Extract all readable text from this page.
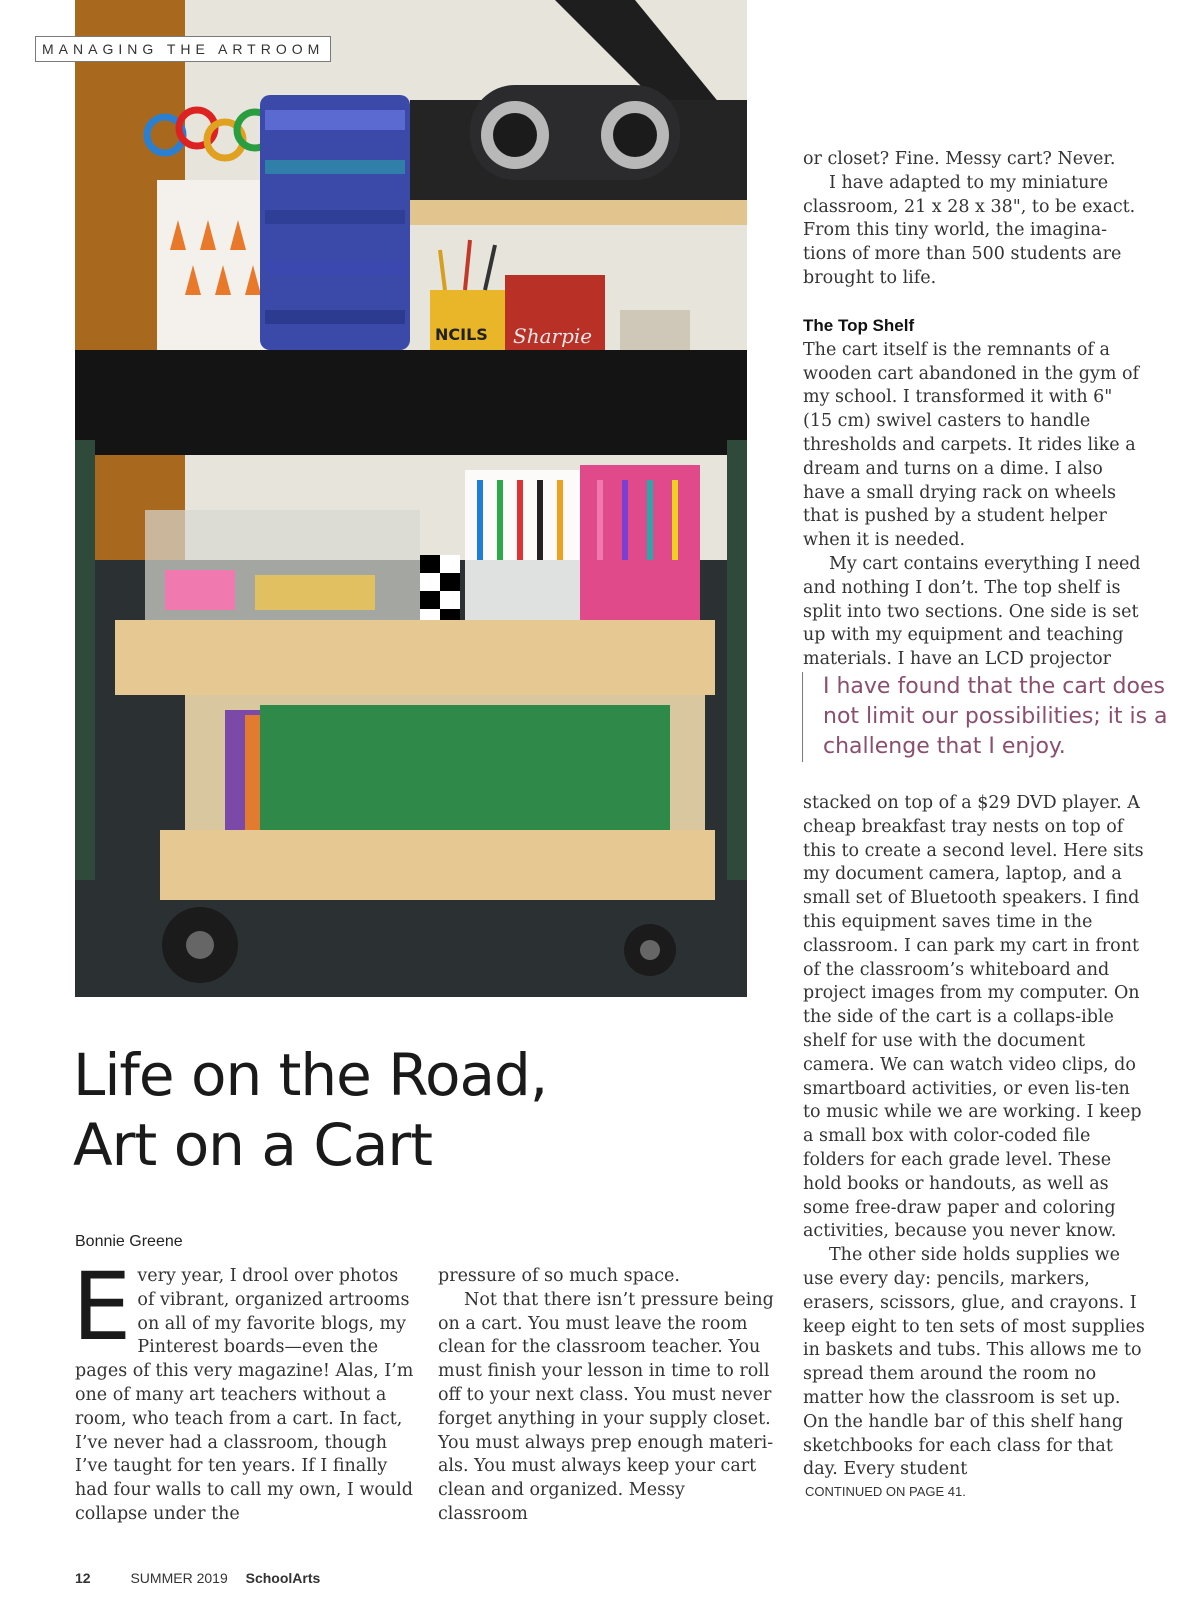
NCILS Sharpie
MANAGING THE ARTROOM
Life on the Road,
Art on a Cart
Bonnie Greene

Every year, I drool over photos of vibrant, organized artrooms on all of my favorite blogs, my Pinterest boards—even the pages of this very magazine! Alas, I’m one of many art teachers without a room, who teach from a cart. In fact, I’ve never had a classroom, though I’ve taught for ten years. If I finally had four walls to call my own, I would collapse under the

pressure of so much space.

Not that there isn’t pressure being on a cart. You must leave the room clean for the classroom teacher. You must finish your lesson in time to roll off to your next class. You must never forget anything in your supply closet. You must always prep enough materi-als. You must always keep your cart clean and organized. Messy classroom

or closet? Fine. Messy cart? Never.

I have adapted to my miniature classroom, 21 x 28 x 38", to be exact. From this tiny world, the imagina-tions of more than 500 students are brought to life.

The Top Shelf

The cart itself is the remnants of a wooden cart abandoned in the gym of my school. I transformed it with 6" (15 cm) swivel casters to handle thresholds and carpets. It rides like a dream and turns on a dime. I also have a small drying rack on wheels that is pushed by a student helper when it is needed.

My cart contains everything I need and nothing I don’t. The top shelf is split into two sections. One side is set up with my equipment and teaching materials. I have an LCD projector

I have found that the cart does not limit our possibilities; it is a challenge that I enjoy.

stacked on top of a $29 DVD player. A cheap breakfast tray nests on top of this to create a second level. Here sits my document camera, laptop, and a small set of Bluetooth speakers. I find this equipment saves time in the classroom. I can park my cart in front of the classroom’s whiteboard and project images from my computer. On the side of the cart is a collaps-ible shelf for use with the document camera. We can watch video clips, do smartboard activities, or even lis-ten to music while we are working. I keep a small box with color-coded file folders for each grade level. These hold books or handouts, as well as some free-draw paper and coloring activities, because you never know.

The other side holds supplies we use every day: pencils, markers, erasers, scissors, glue, and crayons. I keep eight to ten sets of most supplies in baskets and tubs. This allows me to spread them around the room no matter how the classroom is set up. On the handle bar of this shelf hang sketchbooks for each class for that day. Every student

CONTINUED ON PAGE 41.
12	SUMMER 2019 SchoolArts
